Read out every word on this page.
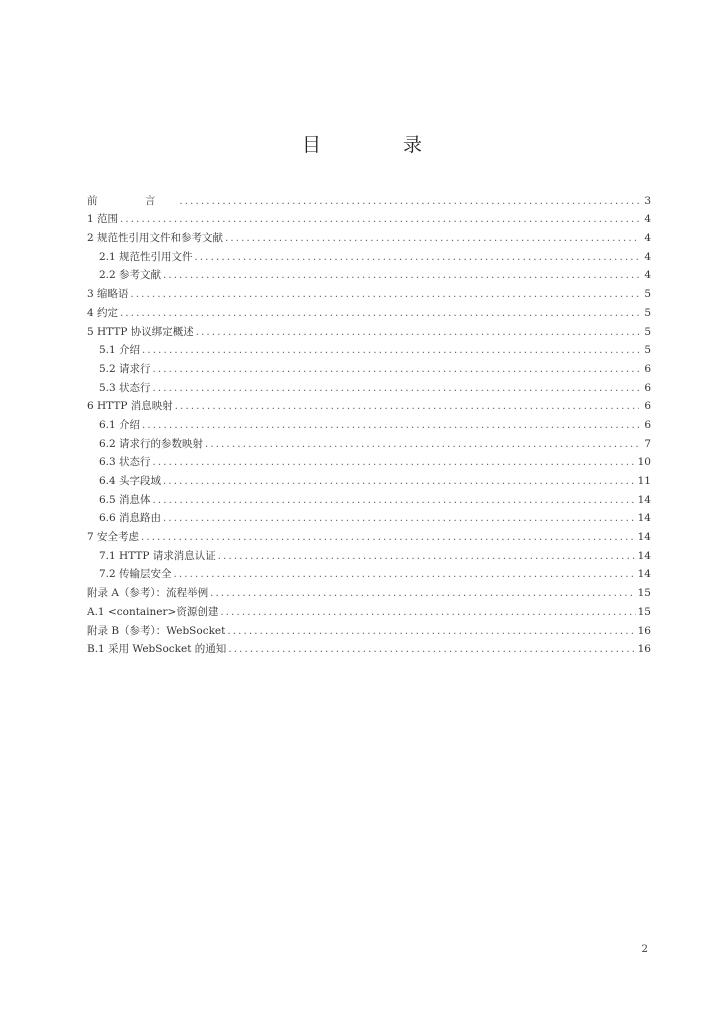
目 录
前 言 .....	3
1 范围 .....	4
2 规范性引用文件和参考文献 .....	4
2.1 规范性引用文件 .....	4
2.2 参考文献 .....	4
3 缩略语 .....	5
4 约定 .....	5
5 HTTP 协议绑定概述 .....	5
5.1 介绍 .....	5
5.2 请求行 .....	6
5.3 状态行 .....	6
6 HTTP 消息映射 .....	6
6.1 介绍 .....	6
6.2 请求行的参数映射 .....	7
6.3 状态行 .....	10
6.4 头字段域 .....	11
6.5 消息体 .....	14
6.6 消息路由 .....	14
7 安全考虑 .....	14
7.1 HTTP 请求消息认证 .....	14
7.2 传输层安全 .....	14
附录 A（参考）：流程举例 .....	15
A.1 <container>资源创建 .....	15
附录 B（参考）：WebSocket .....	16
B.1 采用 WebSocket 的通知 .....	16
2
